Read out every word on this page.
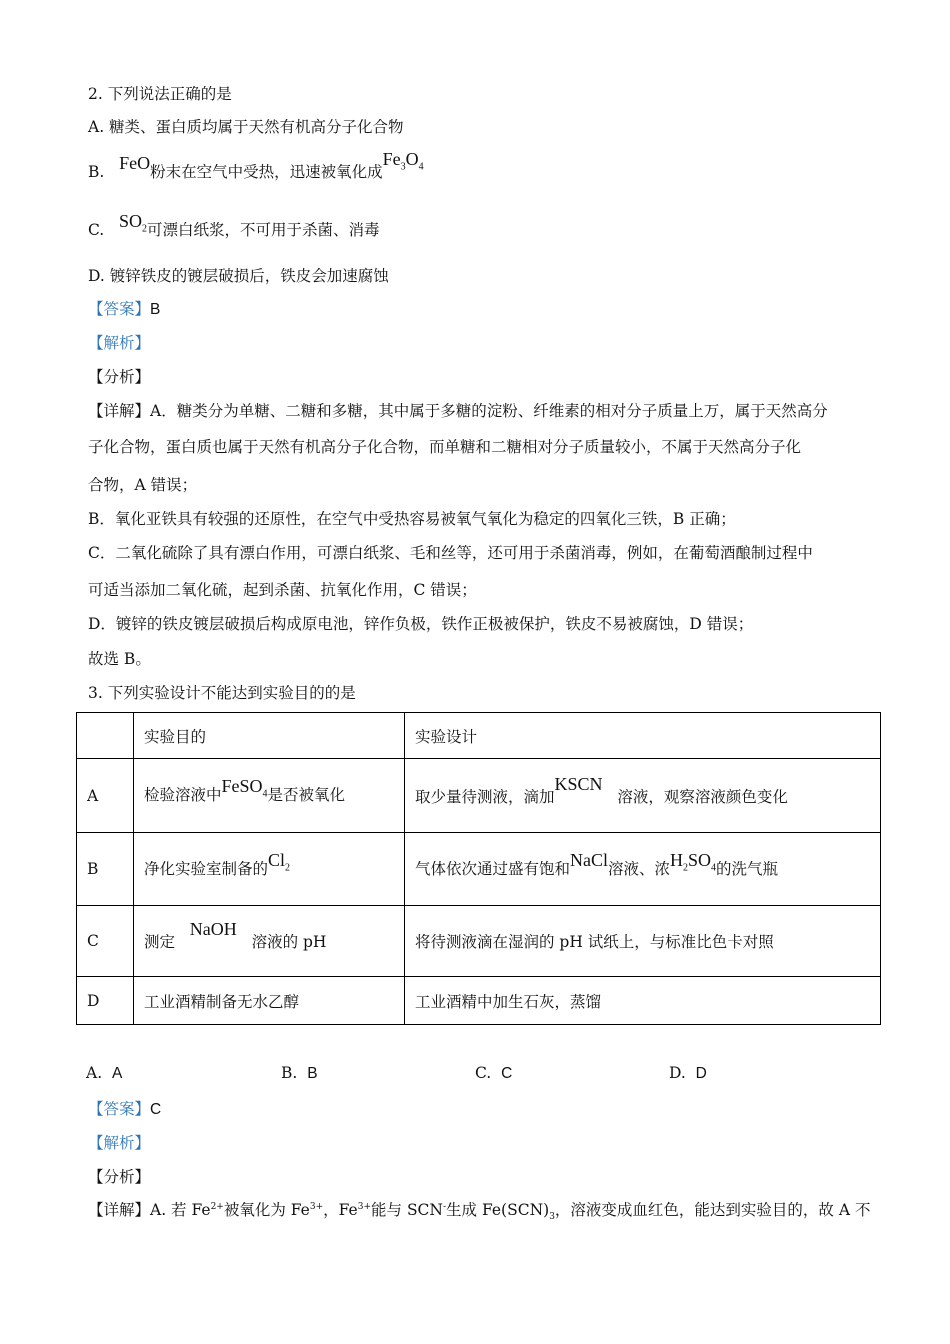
2. 下列说法正确的是
A. 糖类、蛋白质均属于天然有机高分子化合物
B. FeO粉末在空气中受热，迅速被氧化成$Fe_3O_4$
C. $SO_2$可漂白纸浆，不可用于杀菌、消毒
D. 镀锌铁皮的镀层破损后，铁皮会加速腐蚀
【答案】B
【解析】
【分析】
【详解】A．糖类分为单糖、二糖和多糖，其中属于多糖的淀粉、纤维素的相对分子质量上万，属于天然高分
子化合物，蛋白质也属于天然有机高分子化合物，而单糖和二糖相对分子质量较小，不属于天然高分子化
合物，A 错误；
B．氧化亚铁具有较强的还原性，在空气中受热容易被氧气氧化为稳定的四氧化三铁，B 正确；
C．二氧化硫除了具有漂白作用，可漂白纸浆、毛和丝等，还可用于杀菌消毒，例如，在葡萄酒酿制过程中
可适当添加二氧化硫，起到杀菌、抗氧化作用，C 错误；
D．镀锌的铁皮镀层破损后构成原电池，锌作负极，铁作正极被保护，铁皮不易被腐蚀，D 错误；
故选 B。
3. 下列实验设计不能达到实验目的的是
	实验目的	实验设计
A	检验溶液中FeSO$_4$是否被氧化	取少量待测液，滴加KSCN   溶液，观察溶液颜色变化
B	净化实验室制备的$Cl_2$	气体依次通过盛有饱和NaCl溶液、浓$H_2SO_4$的洗气瓶
C	测定   NaOH   溶液的 pH	将待测液滴在湿润的 pH 试纸上，与标准比色卡对照
D	工业酒精制备无水乙醇	工业酒精中加生石灰，蒸馏
A. A	B. B	C. C	D. D
【答案】C
【解析】
【分析】
【详解】A. 若 $Fe^{2+}$被氧化为 $Fe^{3+}$，$Fe^{3+}$能与 SCN-生成 $Fe(SCN)_3$，溶液变成血红色，能达到实验目的，故 A 不
